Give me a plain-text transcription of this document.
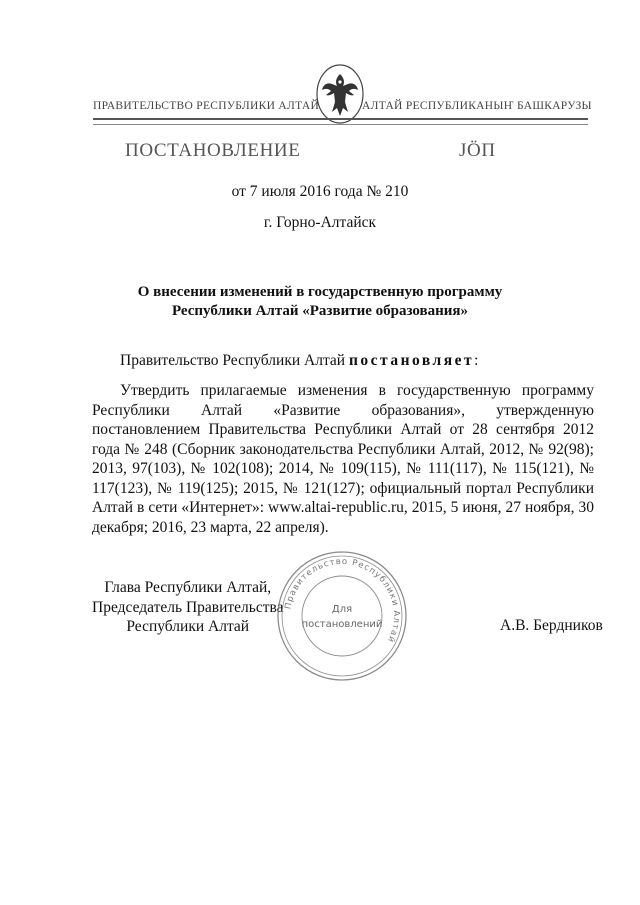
ПРАВИТЕЛЬСТВО РЕСПУБЛИКИ АЛТАЙ	АЛТАЙ РЕСПУБЛИКАНЫҤ БАШКАРУЗЫ
ПОСТАНОВЛЕНИЕ	JӦП
от 7 июля 2016 года № 210
г. Горно-Алтайск
О внесении изменений в государственную программу
Республики Алтай «Развитие образования»
Правительство Республики Алтай постановляет:

Утвердить прилагаемые изменения в государственную программу Республики Алтай «Развитие образования», утвержденную постановлением Правительства Республики Алтай от 28 сентября 2012 года № 248 (Сборник законодательства Республики Алтай, 2012, № 92(98); 2013, 97(103), № 102(108); 2014, № 109(115), № 111(117), № 115(121), № 117(123), № 119(125); 2015, № 121(127); официальный портал Республики Алтай в сети «Интернет»: www.altai-republic.ru, 2015, 5 июня, 27 ноября, 30 декабря; 2016, 23 марта, 22 апреля).

Глава Республики Алтай,
Председатель Правительства
Республики Алтай	А.В. Бердников
Правительство Республики Алтай
Для
постановлений
